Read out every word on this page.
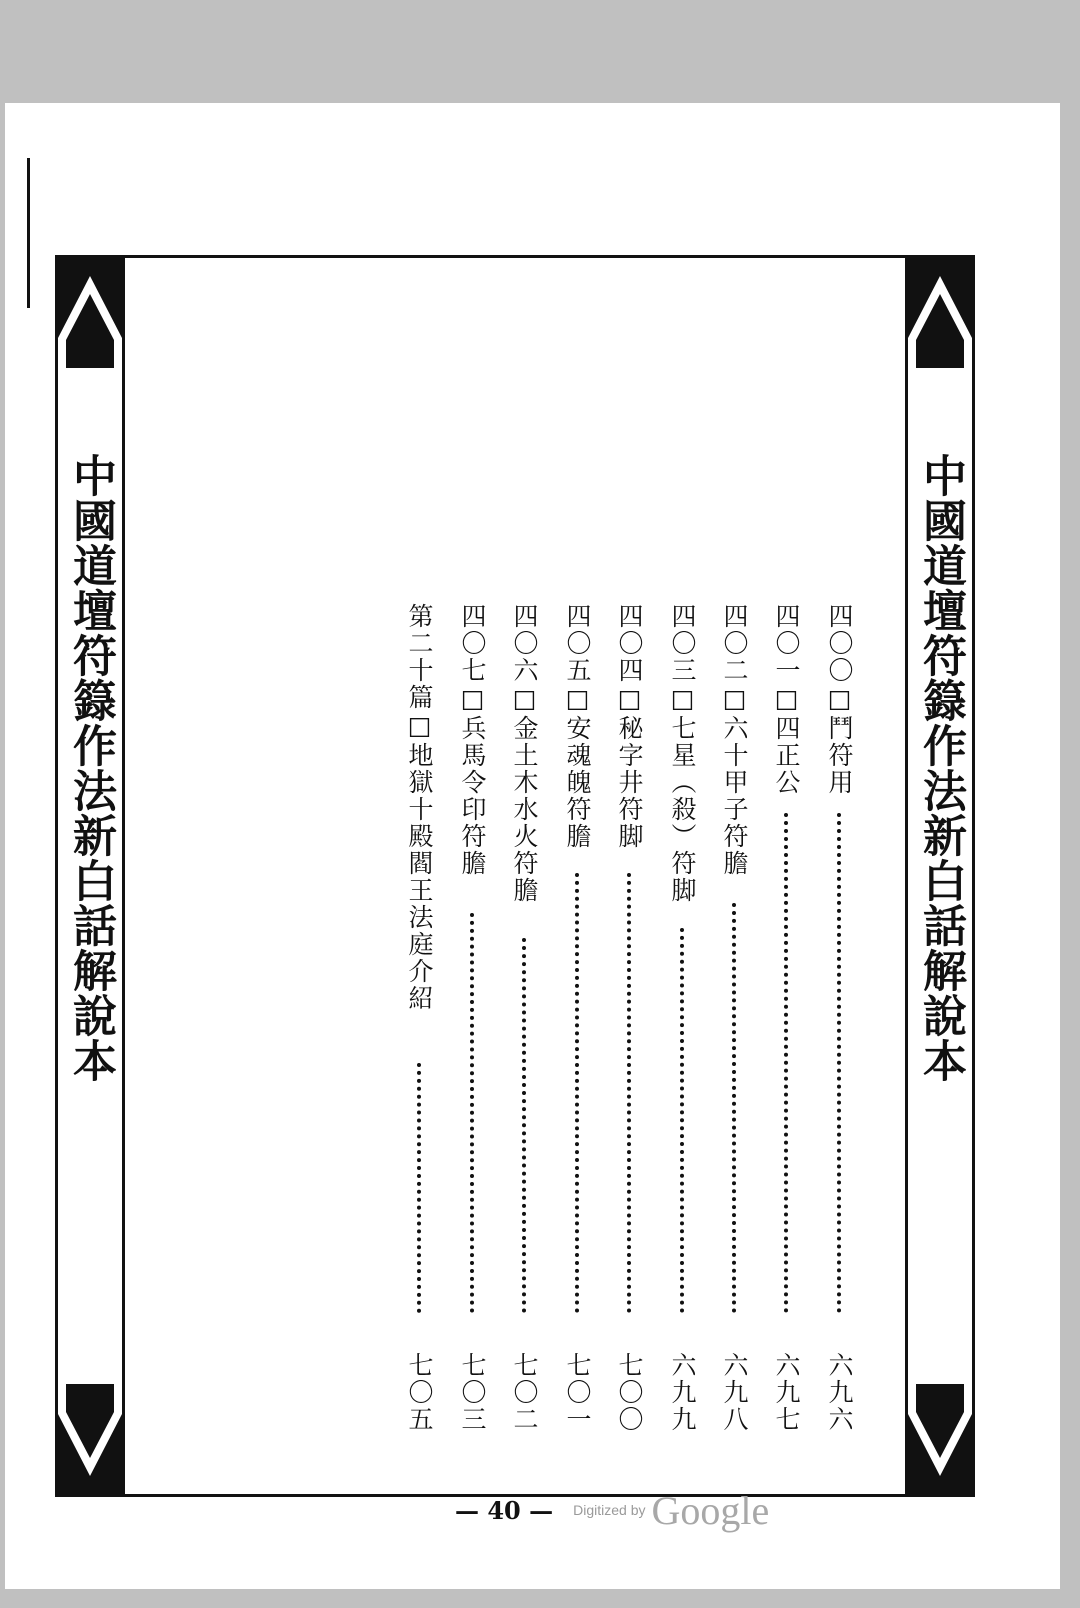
中國道壇符籙作法新白話解說本	中國道壇符籙作法新白話解說本
四〇〇□鬥符用
六九六
四〇一□四正公
六九七
四〇二□六十甲子符膽
六九八
四〇三□七星（殺）符脚
六九九
四〇四□秘字井符脚
七〇〇
四〇五□安魂魄符膽
七〇一
四〇六□金土木水火符膽
七〇二
四〇七□兵馬令印符膽
七〇三
第二十篇□地獄十殿閻王法庭介紹
七〇五
— 40 — Digitized by Google
